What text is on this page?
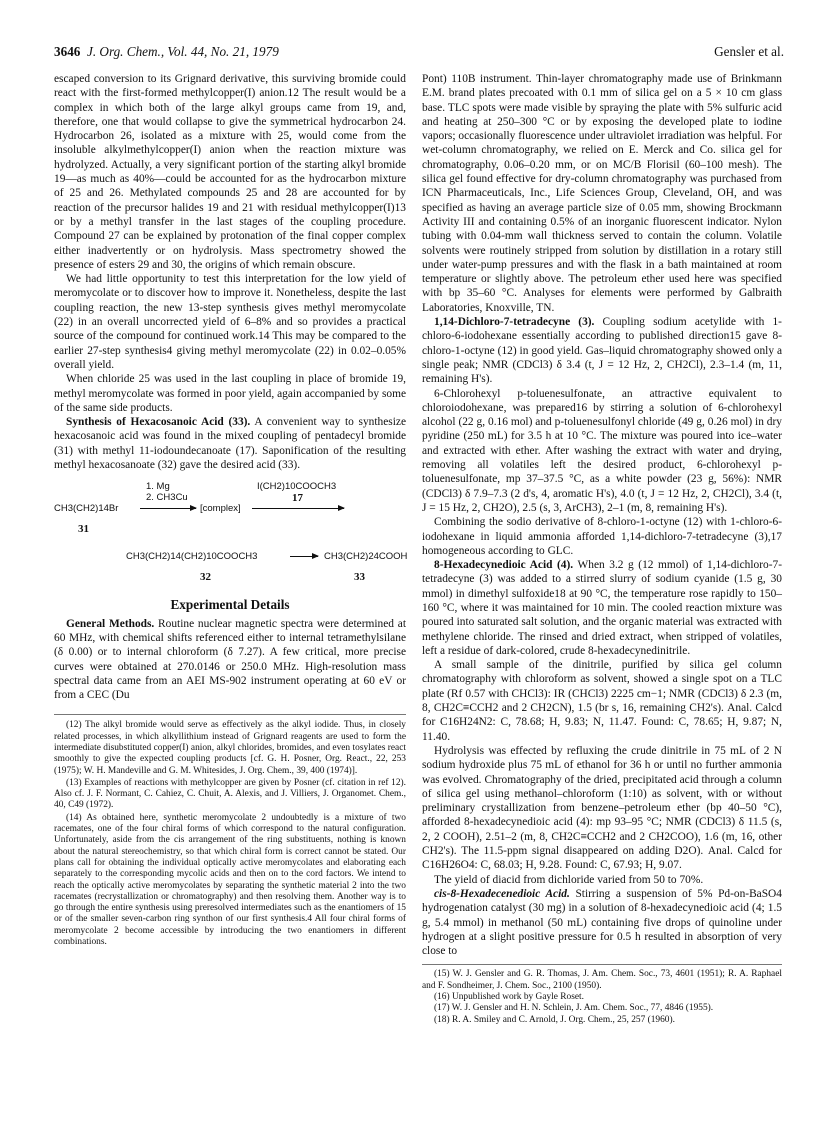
3646 J. Org. Chem., Vol. 44, No. 21, 1979	Gensler et al.

escaped conversion to its Grignard derivative, this surviving bromide could react with the first-formed methylcopper(I) anion.12 The result would be a complex in which both of the large alkyl groups came from 19, and, therefore, one that would collapse to give the symmetrical hydrocarbon 24. Hydrocarbon 26, isolated as a mixture with 25, would come from the insoluble alkylmethylcopper(I) anion when the reaction mixture was hydrolyzed. Actually, a very significant portion of the starting alkyl bromide 19—as much as 40%—could be accounted for as the hydrocarbon mixture of 25 and 26. Methylated compounds 25 and 28 are accounted for by reaction of the precursor halides 19 and 21 with residual methylcopper(I)13 or by a methyl transfer in the last stages of the coupling procedure. Compound 27 can be explained by protonation of the final copper complex either inadvertently or on hydrolysis. Mass spectrometry showed the presence of esters 29 and 30, the origins of which remain obscure.

We had little opportunity to test this interpretation for the low yield of meromycolate or to discover how to improve it. Nonetheless, despite the last coupling reaction, the new 13-step synthesis gives methyl meromycolate (22) in an overall uncorrected yield of 6–8% and so provides a practical source of the compound for continued work.14 This may be compared to the earlier 27-step synthesis4 giving methyl meromycolate (22) in 0.02–0.05% overall yield.

When chloride 25 was used in the last coupling in place of bromide 19, methyl meromycolate was formed in poor yield, again accompanied by some of the same side products.

Synthesis of Hexacosanoic Acid (33). A convenient way to synthesize hexacosanoic acid was found in the mixed coupling of pentadecyl bromide (31) with methyl 11-iodoundecanoate (17). Saponification of the resulting methyl hexacosanoate (32) gave the desired acid (33).

1. Mg
2. CH3Cu
I(CH2)10COOCH3
CH3(CH2)14Br	[complex]
17
31
CH3(CH2)14(CH2)10COOCH3	→ CH3(CH2)24COOH
32	33
Experimental Details

General Methods. Routine nuclear magnetic spectra were determined at 60 MHz, with chemical shifts referenced either to internal tetramethylsilane (δ 0.00) or to internal chloroform (δ 7.27). A few critical, more precise curves were obtained at 270.0146 or 250.0 MHz. High-resolution mass spectral data came from an AEI MS-902 instrument operating at 60 eV or from a CEC (Du

(12) The alkyl bromide would serve as effectively as the alkyl iodide. Thus, in closely related processes, in which alkyllithium instead of Grignard reagents are used to form the intermediate disubstituted copper(I) anion, alkyl chlorides, bromides, and even tosylates react smoothly to give the expected coupling products [cf. G. H. Posner, Org. React., 22, 253 (1975); W. H. Mandeville and G. M. Whitesides, J. Org. Chem., 39, 400 (1974)].

(13) Examples of reactions with methylcopper are given by Posner (cf. citation in ref 12). Also cf. J. F. Normant, C. Cahiez, C. Chuit, A. Alexis, and J. Villiers, J. Organomet. Chem., 40, C49 (1972).

(14) As obtained here, synthetic meromycolate 2 undoubtedly is a mixture of two racemates, one of the four chiral forms of which correspond to the natural configuration. Unfortunately, aside from the cis arrangement of the ring substituents, nothing is known about the natural stereochemistry, so that which chiral form is correct cannot be stated. Our plans call for obtaining the individual optically active meromycolates and elaborating each separately to the corresponding mycolic acids and then on to the cord factors. We intend to reach the optically active meromycolates by separating the synthetic material 2 into the two racemates (recrystallization or chromatography) and then resolving them. Another way is to go through the entire synthesis using preresolved intermediates such as the enantiomers of 15 or of the smaller seven-carbon ring synthon of our first synthesis.4 All four chiral forms of meromycolate 2 become accessible by introducing the two enantiomers in different combinations.

Pont) 110B instrument. Thin-layer chromatography made use of Brinkmann E.M. brand plates precoated with 0.1 mm of silica gel on a 5 × 10 cm glass base. TLC spots were made visible by spraying the plate with 5% sulfuric acid and heating at 250–300 °C or by exposing the developed plate to iodine vapors; occasionally fluorescence under ultraviolet irradiation was helpful. For wet-column chromatography, we relied on E. Merck and Co. silica gel for chromatography, 0.06–0.20 mm, or on MC/B Florisil (60–100 mesh). The silica gel found effective for dry-column chromatography was purchased from ICN Pharmaceuticals, Inc., Life Sciences Group, Cleveland, OH, and was specified as having an average particle size of 0.05 mm, showing Brockmann Activity III and containing 0.5% of an inorganic fluorescent indicator. Nylon tubing with 0.04-mm wall thickness served to contain the column. Volatile solvents were routinely stripped from solution by distillation in a rotary still under water-pump pressures and with the flask in a bath maintained at room temperature or slightly above. The petroleum ether used here was specified with bp 35–60 °C. Analyses for elements were performed by Galbraith Laboratories, Knoxville, TN.

1,14-Dichloro-7-tetradecyne (3). Coupling sodium acetylide with 1-chloro-6-iodohexane essentially according to published direction15 gave 8-chloro-1-octyne (12) in good yield. Gas–liquid chromatography showed only a single peak; NMR (CDCl3) δ 3.4 (t, J = 12 Hz, 2, CH2Cl), 2.3–1.4 (m, 11, remaining H's).

6-Chlorohexyl p-toluenesulfonate, an attractive equivalent to chloroiodohexane, was prepared16 by stirring a solution of 6-chlorohexyl alcohol (22 g, 0.16 mol) and p-toluenesulfonyl chloride (49 g, 0.26 mol) in dry pyridine (250 mL) for 3.5 h at 10 °C. The mixture was poured into ice–water and extracted with ether. After washing the extract with water and drying, removing all volatiles left the desired product, 6-chlorohexyl p-toluenesulfonate, mp 37–37.5 °C, as a white powder (23 g, 56%): NMR (CDCl3) δ 7.9–7.3 (2 d's, 4, aromatic H's), 4.0 (t, J = 12 Hz, 2, CH2Cl), 3.4 (t, J = 15 Hz, 2, CH2O), 2.5 (s, 3, ArCH3), 2–1 (m, 8, remaining H's).

Combining the sodio derivative of 8-chloro-1-octyne (12) with 1-chloro-6-iodohexane in liquid ammonia afforded 1,14-dichloro-7-tetradecyne (3),17 homogeneous according to GLC.

8-Hexadecynedioic Acid (4). When 3.2 g (12 mmol) of 1,14-dichloro-7-tetradecyne (3) was added to a stirred slurry of sodium cyanide (1.5 g, 30 mmol) in dimethyl sulfoxide18 at 90 °C, the temperature rose rapidly to 150–160 °C, where it was maintained for 10 min. The cooled reaction mixture was poured into saturated salt solution, and the organic material was extracted with methylene chloride. The rinsed and dried extract, when stripped of volatiles, left a residue of dark-colored, crude 8-hexadecynedinitrile.

A small sample of the dinitrile, purified by silica gel column chromatography with chloroform as solvent, showed a single spot on a TLC plate (Rf 0.57 with CHCl3): IR (CHCl3) 2225 cm−1; NMR (CDCl3) δ 2.3 (m, 8, CH2C≡CCH2 and 2 CH2CN), 1.5 (br s, 16, remaining CH2's). Anal. Calcd for C16H24N2: C, 78.68; H, 9.83; N, 11.47. Found: C, 78.65; H, 9.87; N, 11.40.

Hydrolysis was effected by refluxing the crude dinitrile in 75 mL of 2 N sodium hydroxide plus 75 mL of ethanol for 36 h or until no further ammonia was evolved. Chromatography of the dried, precipitated acid through a column of silica gel using methanol–chloroform (1:10) as solvent, with or without preliminary crystallization from benzene–petroleum ether (bp 40–50 °C), afforded 8-hexadecynedioic acid (4): mp 93–95 °C; NMR (CDCl3) δ 11.5 (s, 2, 2 COOH), 2.51–2 (m, 8, CH2C≡CCH2 and 2 CH2COO), 1.6 (m, 16, other CH2's). The 11.5-ppm signal disappeared on adding D2O). Anal. Calcd for C16H26O4: C, 68.03; H, 9.28. Found: C, 67.93; H, 9.07.

The yield of diacid from dichloride varied from 50 to 70%.

cis-8-Hexadecenedioic Acid. Stirring a suspension of 5% Pd-on-BaSO4 hydrogenation catalyst (30 mg) in a solution of 8-hexadecynedioic acid (4; 1.5 g, 5.4 mmol) in methanol (50 mL) containing five drops of quinoline under hydrogen at a slight positive pressure for 0.5 h resulted in absorption of very close to

(15) W. J. Gensler and G. R. Thomas, J. Am. Chem. Soc., 73, 4601 (1951); R. A. Raphael and F. Sondheimer, J. Chem. Soc., 2100 (1950).

(16) Unpublished work by Gayle Roset.

(17) W. J. Gensler and H. N. Schlein, J. Am. Chem. Soc., 77, 4846 (1955).

(18) R. A. Smiley and C. Arnold, J. Org. Chem., 25, 257 (1960).
